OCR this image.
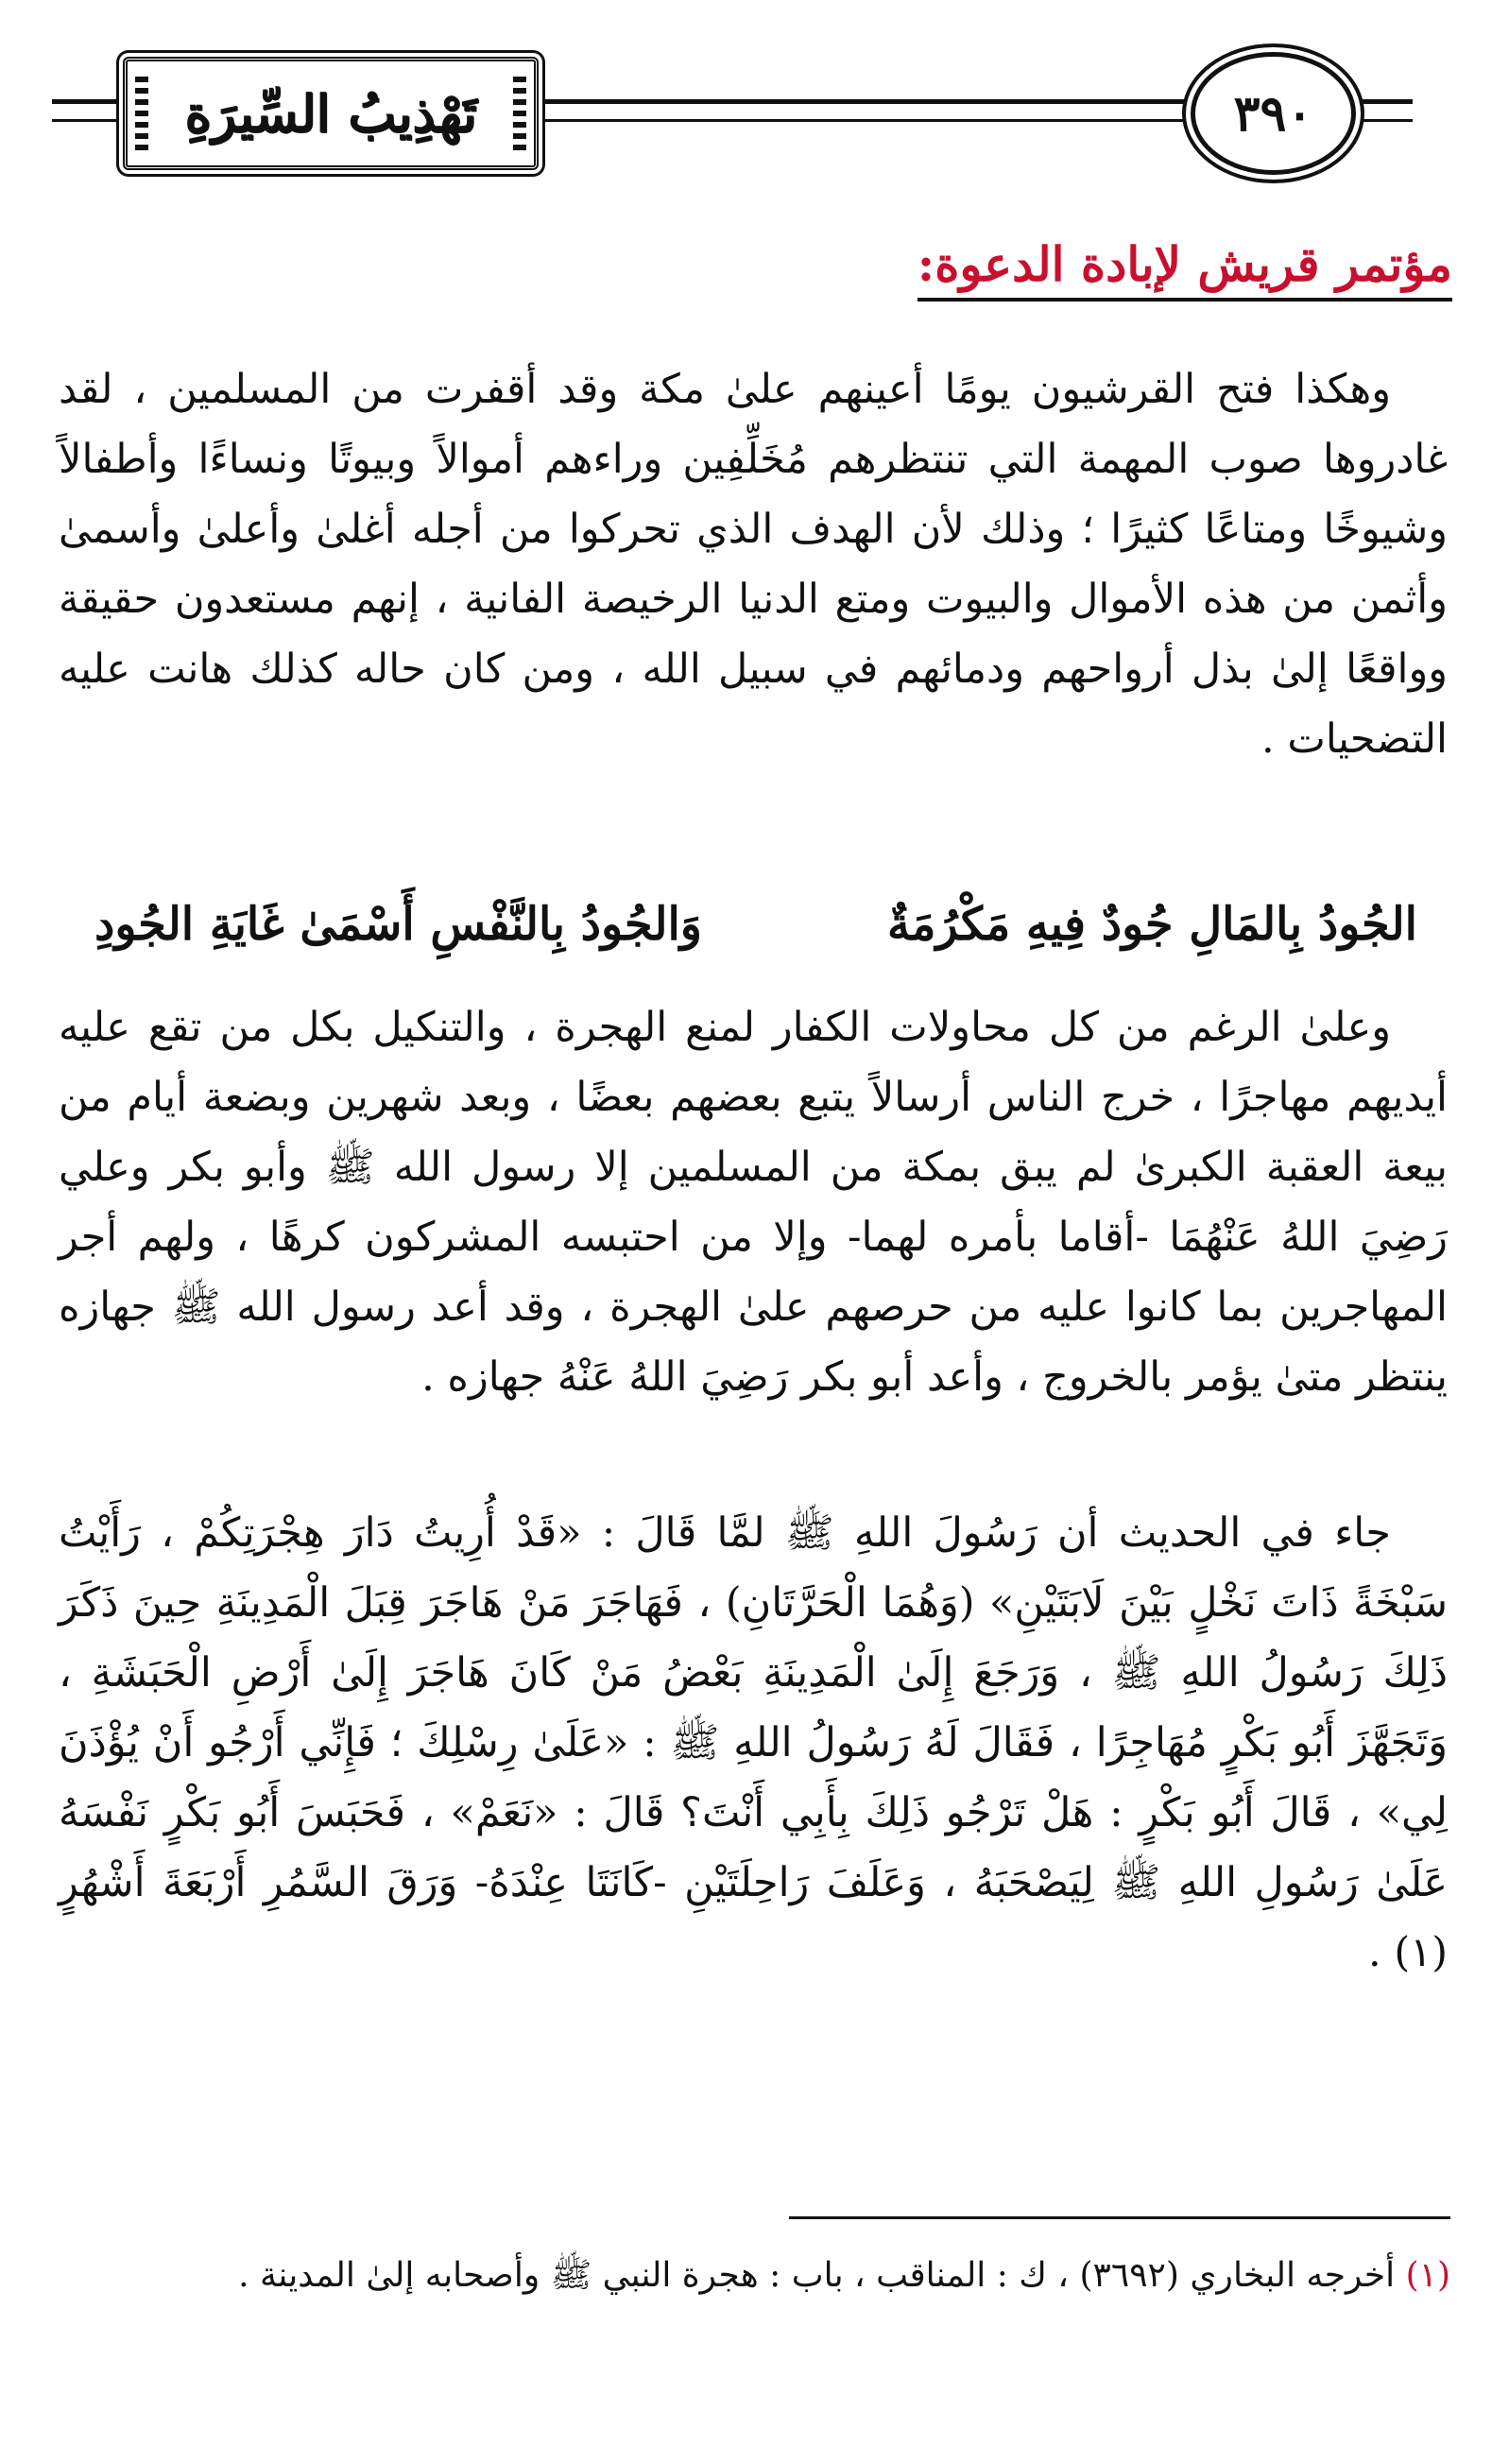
تَهْذِيبُ السِّيرَةِ	٣٩٠
مؤتمر قريش لإبادة الدعوة:

وهكذا فتح القرشيون يومًا أعينهم علىٰ مكة وقد أقفرت من المسلمين ، لقد غادروها صوب المهمة التي تنتظرهم مُخَلِّفِين وراءهم أموالاً وبيوتًا ونساءًا وأطفالاً وشيوخًا ومتاعًا كثيرًا ؛ وذلك لأن الهدف الذي تحركوا من أجله أغلىٰ وأعلىٰ وأسمىٰ وأثمن من هذه الأموال والبيوت ومتع الدنيا الرخيصة الفانية ، إنهم مستعدون حقيقة وواقعًا إلىٰ بذل أرواحهم ودمائهم في سبيل الله ، ومن كان حاله كذلك هانت عليه التضحيات .

الجُودُ بِالمَالِ جُودٌ فِيهِ مَكْرُمَةٌ
وَالجُودُ بِالنَّفْسِ أَسْمَىٰ غَايَةِ الجُودِ

وعلىٰ الرغم من كل محاولات الكفار لمنع الهجرة ، والتنكيل بكل من تقع عليه أيديهم مهاجرًا ، خرج الناس أرسالاً يتبع بعضهم بعضًا ، وبعد شهرين وبضعة أيام من بيعة العقبة الكبرىٰ لم يبق بمكة من المسلمين إلا رسول الله ﷺ وأبو بكر وعلي رَضِيَ اللهُ عَنْهُمَا -أقاما بأمره لهما- وإلا من احتبسه المشركون كرهًا ، ولهم أجر المهاجرين بما كانوا عليه من حرصهم علىٰ الهجرة ، وقد أعد رسول الله ﷺ جهازه ينتظر متىٰ يؤمر بالخروج ، وأعد أبو بكر رَضِيَ اللهُ عَنْهُ جهازه .

جاء في الحديث أن رَسُولَ اللهِ ﷺ لمَّا قَالَ : «قَدْ أُرِيتُ دَارَ هِجْرَتِكُمْ ، رَأَيْتُ سَبْخَةً ذَاتَ نَخْلٍ بَيْنَ لَابَتَيْنِ» (وَهُمَا الْحَرَّتَانِ) ، فَهَاجَرَ مَنْ هَاجَرَ قِبَلَ الْمَدِينَةِ حِينَ ذَكَرَ ذَلِكَ رَسُولُ اللهِ ﷺ ، وَرَجَعَ إِلَىٰ الْمَدِينَةِ بَعْضُ مَنْ كَانَ هَاجَرَ إِلَىٰ أَرْضِ الْحَبَشَةِ ، وَتَجَهَّزَ أَبُو بَكْرٍ مُهَاجِرًا ، فَقَالَ لَهُ رَسُولُ اللهِ ﷺ : «عَلَىٰ رِسْلِكَ ؛ فَإِنِّي أَرْجُو أَنْ يُؤْذَنَ لِي» ، قَالَ أَبُو بَكْرٍ : هَلْ تَرْجُو ذَلِكَ بِأَبِي أَنْتَ؟ قَالَ : «نَعَمْ» ، فَحَبَسَ أَبُو بَكْرٍ نَفْسَهُ عَلَىٰ رَسُولِ اللهِ ﷺ لِيَصْحَبَهُ ، وَعَلَفَ رَاحِلَتَيْنِ -كَانَتَا عِنْدَهُ- وَرَقَ السَّمُرِ أَرْبَعَةَ أَشْهُرٍ (١) .

(١) أخرجه البخاري (٣٦٩٢) ، ك : المناقب ، باب : هجرة النبي ﷺ وأصحابه إلىٰ المدينة .
